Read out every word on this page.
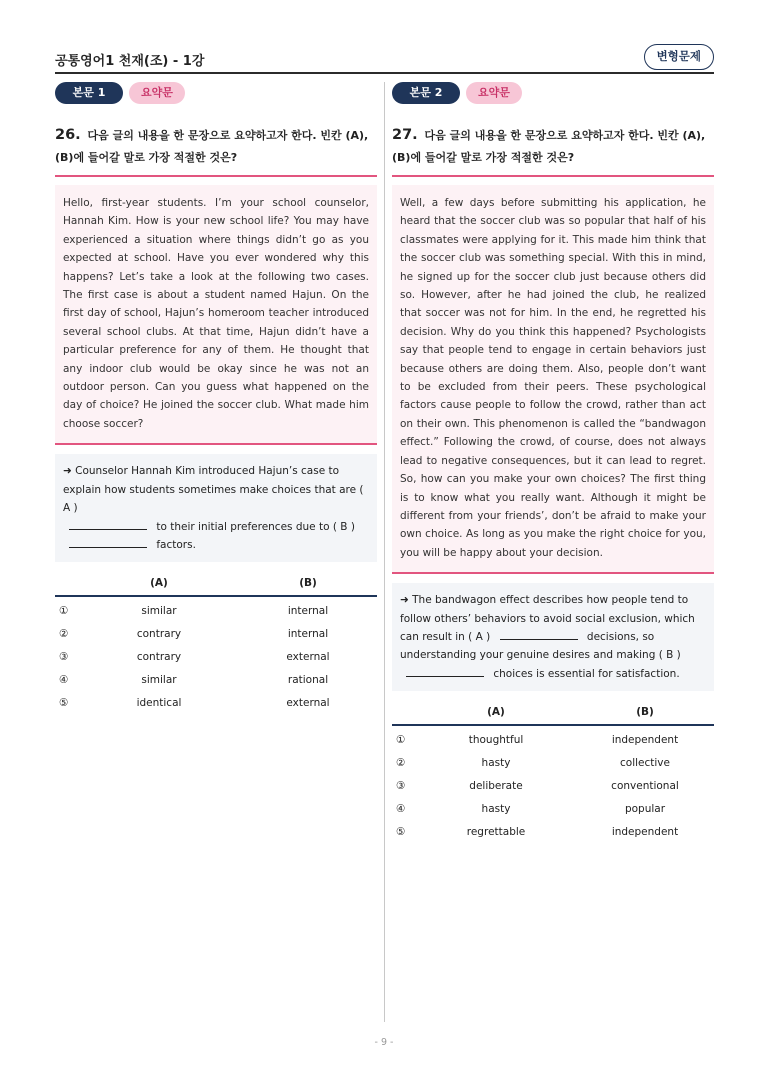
공통영어1 천재(조) - 1강	변형문제
본문 1	요약문
26. 다음 글의 내용을 한 문장으로 요약하고자 한다. 빈칸 (A), (B)에 들어갈 말로 가장 적절한 것은?
Hello, first-year students. I’m your school counselor, Hannah Kim. How is your new school life? You may have experienced a situation where things didn’t go as you expected at school. Have you ever wondered why this happens? Let’s take a look at the following two cases. The first case is about a student named Hajun. On the first day of school, Hajun’s homeroom teacher introduced several school clubs. At that time, Hajun didn’t have a particular preference for any of them. He thought that any indoor club would be okay since he was not an outdoor person. Can you guess what happened on the day of choice? He joined the soccer club. What made him choose soccer?
➜ Counselor Hannah Kim introduced Hajun’s case to explain how students sometimes make choices that are ( A )
to their initial preferences due to ( B )
factors.
(A)	(B)
①	similar	internal
②	contrary	internal
③	contrary	external
④	similar	rational
⑤	identical	external
본문 2	요약문
27. 다음 글의 내용을 한 문장으로 요약하고자 한다. 빈칸 (A), (B)에 들어갈 말로 가장 적절한 것은?
Well, a few days before submitting his application, he heard that the soccer club was so popular that half of his classmates were applying for it. This made him think that the soccer club was something special. With this in mind, he signed up for the soccer club just because others did so. However, after he had joined the club, he realized that soccer was not for him. In the end, he regretted his decision. Why do you think this happened? Psychologists say that people tend to engage in certain behaviors just because others are doing them. Also, people don’t want to be excluded from their peers. These psychological factors cause people to follow the crowd, rather than act on their own. This phenomenon is called the “bandwagon effect.” Following the crowd, of course, does not always lead to negative consequences, but it can lead to regret. So, how can you make your own choices? The first thing is to know what you really want. Although it might be different from your friends’, don’t be afraid to make your own choice. As long as you make the right choice for you, you will be happy about your decision.
➜ The bandwagon effect describes how people tend to follow others’ behaviors to avoid social exclusion, which can result in ( A )	decisions, so understanding your genuine desires and making ( B )  choices is essential for satisfaction.
(A)	(B)
①	thoughtful	independent
②	hasty	collective
③	deliberate	conventional
④	hasty	popular
⑤	regrettable	independent
- 9 -
